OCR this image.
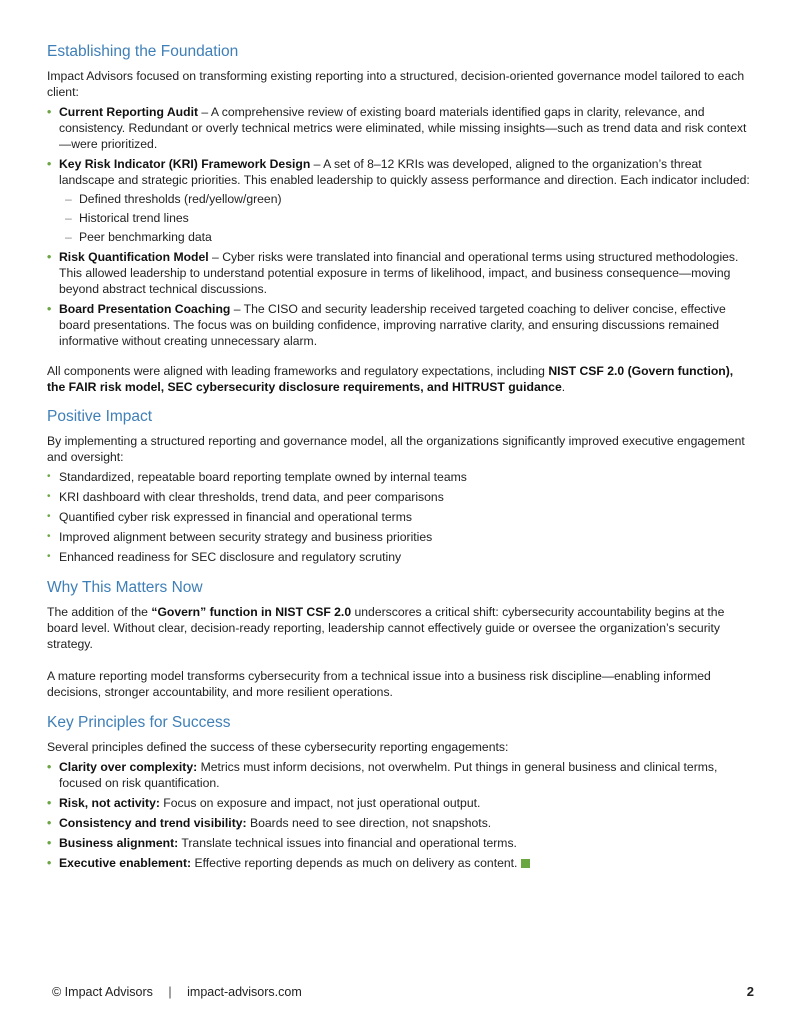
Establishing the Foundation

Impact Advisors focused on transforming existing reporting into a structured, decision-oriented governance model tailored to each client:

• Current Reporting Audit – A comprehensive review of existing board materials identified gaps in clarity, relevance, and consistency. Redundant or overly technical metrics were eliminated, while missing insights—such as trend data and risk context—were prioritized.
• Key Risk Indicator (KRI) Framework Design – A set of 8–12 KRIs was developed, aligned to the organization’s threat landscape and strategic priorities. This enabled leadership to quickly assess performance and direction. Each indicator included:
– Defined thresholds (red/yellow/green)
– Historical trend lines
– Peer benchmarking data
• Risk Quantification Model – Cyber risks were translated into financial and operational terms using structured methodologies. This allowed leadership to understand potential exposure in terms of likelihood, impact, and business consequence—moving beyond abstract technical discussions.
• Board Presentation Coaching – The CISO and security leadership received targeted coaching to deliver concise, effective board presentations. The focus was on building confidence, improving narrative clarity, and ensuring discussions remained informative without creating unnecessary alarm.

All components were aligned with leading frameworks and regulatory expectations, including NIST CSF 2.0 (Govern function), the FAIR risk model, SEC cybersecurity disclosure requirements, and HITRUST guidance.

Positive Impact

By implementing a structured reporting and governance model, all the organizations significantly improved executive engagement and oversight:

• Standardized, repeatable board reporting template owned by internal teams
• KRI dashboard with clear thresholds, trend data, and peer comparisons
• Quantified cyber risk expressed in financial and operational terms
• Improved alignment between security strategy and business priorities
• Enhanced readiness for SEC disclosure and regulatory scrutiny
Why This Matters Now

The addition of the “Govern” function in NIST CSF 2.0 underscores a critical shift: cybersecurity accountability begins at the board level. Without clear, decision-ready reporting, leadership cannot effectively guide or oversee the organization’s security strategy.

A mature reporting model transforms cybersecurity from a technical issue into a business risk discipline—enabling informed decisions, stronger accountability, and more resilient operations.

Key Principles for Success

Several principles defined the success of these cybersecurity reporting engagements:

• Clarity over complexity: Metrics must inform decisions, not overwhelm. Put things in general business and clinical terms, focused on risk quantification.
• Risk, not activity: Focus on exposure and impact, not just operational output.
• Consistency and trend visibility: Boards need to see direction, not snapshots.
• Business alignment: Translate technical issues into financial and operational terms.
• Executive enablement: Effective reporting depends as much on delivery as content.
© Impact Advisors | impact-advisors.com	2
